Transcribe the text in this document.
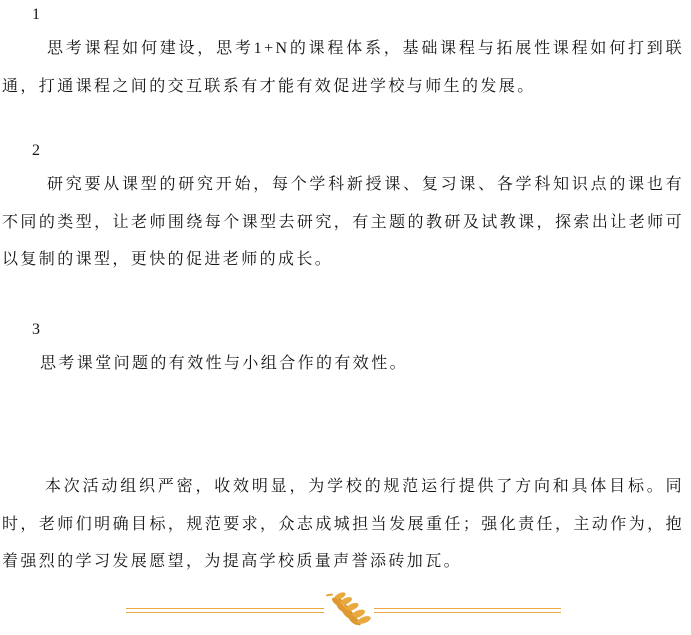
1

思考课程如何建设，思考1+N的课程体系，基础课程与拓展性课程如何打到联通，打通课程之间的交互联系有才能有效促进学校与师生的发展。

2

研究要从课型的研究开始，每个学科新授课、复习课、各学科知识点的课也有不同的类型，让老师围绕每个课型去研究，有主题的教研及试教课，探索出让老师可以复制的课型，更快的促进老师的成长。

3

思考课堂问题的有效性与小组合作的有效性。

本次活动组织严密，收效明显，为学校的规范运行提供了方向和具体目标。同时，老师们明确目标，规范要求，众志成城担当发展重任；强化责任，主动作为，抱着强烈的学习发展愿望，为提高学校质量声誉添砖加瓦。
